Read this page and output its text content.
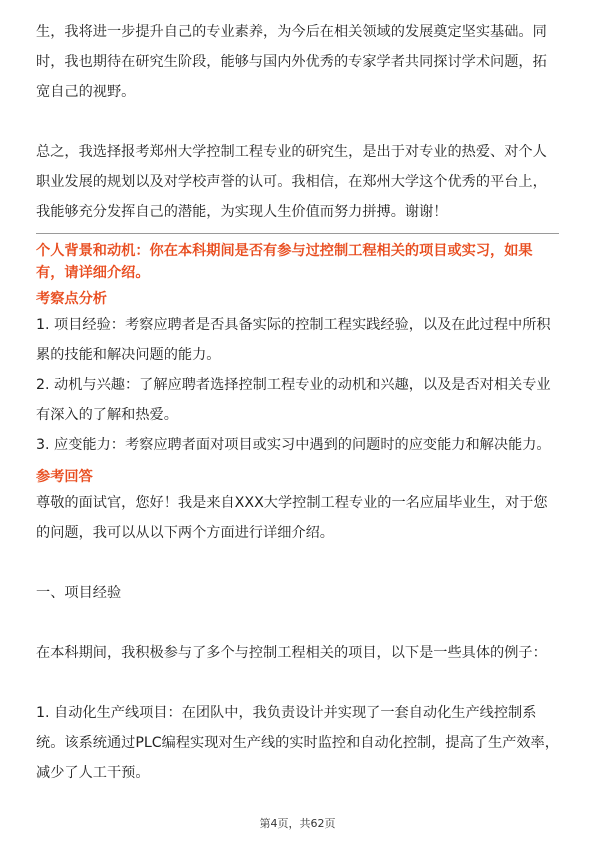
生，我将进一步提升自己的专业素养，为今后在相关领域的发展奠定坚实基础。同时，我也期待在研究生阶段，能够与国内外优秀的专家学者共同探讨学术问题，拓宽自己的视野。

总之，我选择报考郑州大学控制工程专业的研究生，是出于对专业的热爱、对个人职业发展的规划以及对学校声誉的认可。我相信，在郑州大学这个优秀的平台上，我能够充分发挥自己的潜能，为实现人生价值而努力拼搏。谢谢！

个人背景和动机：你在本科期间是否有参与过控制工程相关的项目或实习，如果有，请详细介绍。

考察点分析

1. 项目经验：考察应聘者是否具备实际的控制工程实践经验，以及在此过程中所积累的技能和解决问题的能力。

2. 动机与兴趣：了解应聘者选择控制工程专业的动机和兴趣，以及是否对相关专业有深入的了解和热爱。

3. 应变能力：考察应聘者面对项目或实习中遇到的问题时的应变能力和解决能力。

参考回答

尊敬的面试官，您好！我是来自XXX大学控制工程专业的一名应届毕业生，对于您的问题，我可以从以下两个方面进行详细介绍。

一、项目经验

在本科期间，我积极参与了多个与控制工程相关的项目，以下是一些具体的例子：

1. 自动化生产线项目：在团队中，我负责设计并实现了一套自动化生产线控制系统。该系统通过PLC编程实现对生产线的实时监控和自动化控制，提高了生产效率，减少了人工干预。

第4页，共62页
